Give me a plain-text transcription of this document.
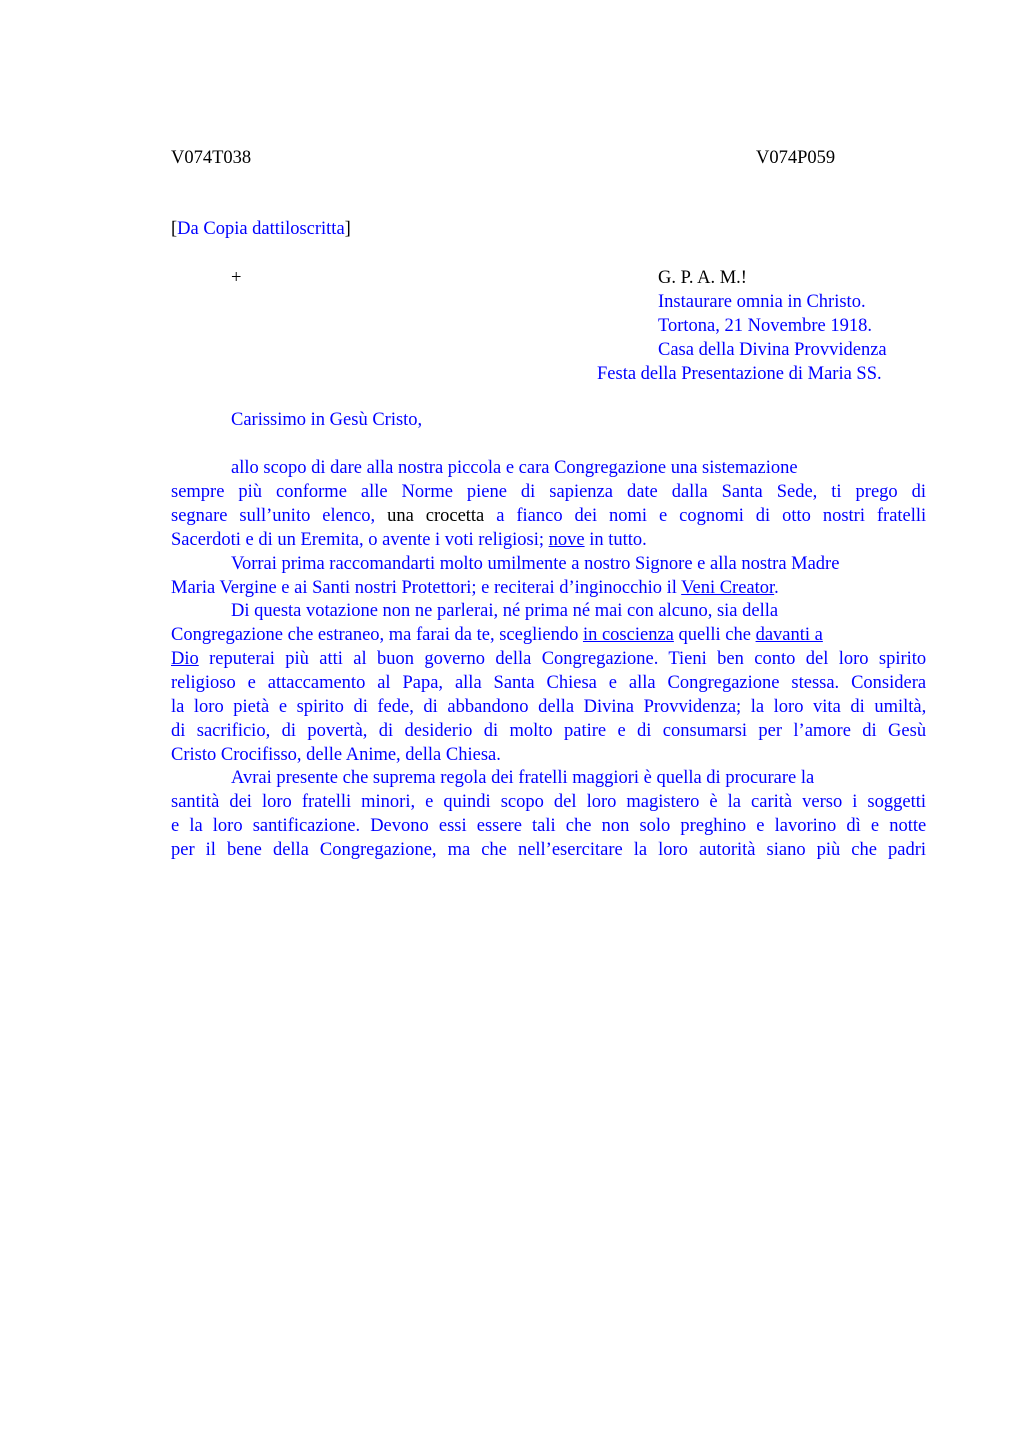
V074T038	V074P059
[Da Copia dattiloscritta]
+	G. P. A. M.!
Instaurare omnia in Christo.
Tortona, 21 Novembre 1918.
Casa della Divina Provvidenza
Festa della Presentazione di Maria SS.
Carissimo in Gesù Cristo,
allo scopo di dare alla nostra piccola e cara Congregazione una sistemazione
sempre più conforme alle Norme piene di sapienza date dalla Santa Sede, ti prego di
segnare sull’unito elenco, una crocetta a fianco dei nomi e cognomi di otto nostri fratelli
Sacerdoti e di un Eremita, o avente i voti religiosi; nove in tutto.
Vorrai prima raccomandarti molto umilmente a nostro Signore e alla nostra Madre
Maria Vergine e ai Santi nostri Protettori; e reciterai d’inginocchio il Veni Creator.
Di questa votazione non ne parlerai, né prima né mai con alcuno, sia della
Congregazione che estraneo, ma farai da te, scegliendo in coscienza quelli che davanti a
Dio reputerai più atti al buon governo della Congregazione. Tieni ben conto del loro spirito
religioso e attaccamento al Papa, alla Santa Chiesa e alla Congregazione stessa. Considera
la loro pietà e spirito di fede, di abbandono della Divina Provvidenza; la loro vita di umiltà,
di sacrificio, di povertà, di desiderio di molto patire e di consumarsi per l’amore di Gesù
Cristo Crocifisso, delle Anime, della Chiesa.
Avrai presente che suprema regola dei fratelli maggiori è quella di procurare la
santità dei loro fratelli minori, e quindi scopo del loro magistero è la carità verso i soggetti
e la loro santificazione. Devono essi essere tali che non solo preghino e lavorino dì e notte
per il bene della Congregazione, ma che nell’esercitare la loro autorità siano più che padri
